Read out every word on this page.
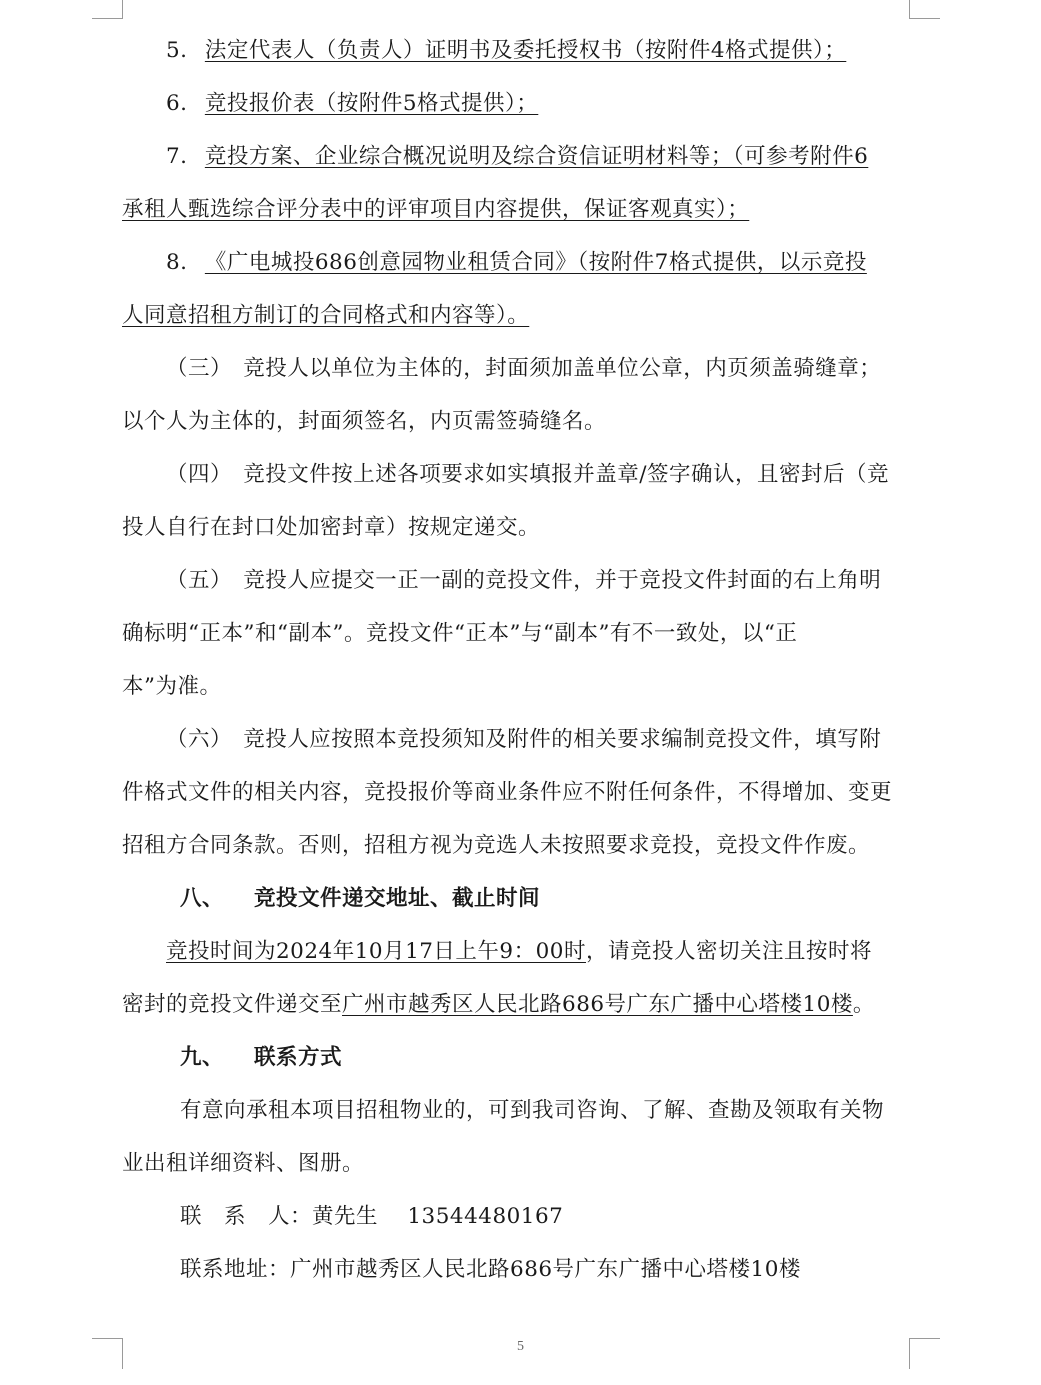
5. 法定代表人（负责人）证明书及委托授权书（按附件4格式提供）；
6. 竞投报价表（按附件5格式提供）；
7. 竞投方案、企业综合概况说明及综合资信证明材料等；（可参考附件6
承租人甄选综合评分表中的评审项目内容提供，保证客观真实）；
8. 《广电城投686创意园物业租赁合同》（按附件7格式提供，以示竞投
人同意招租方制订的合同格式和内容等）。
（三）　竞投人以单位为主体的，封面须加盖单位公章，内页须盖骑缝章；
以个人为主体的，封面须签名，内页需签骑缝名。
（四）　竞投文件按上述各项要求如实填报并盖章/签字确认，且密封后（竞
投人自行在封口处加密封章）按规定递交。
（五）　竞投人应提交一正一副的竞投文件，并于竞投文件封面的右上角明
确标明“正本”和“副本”。竞投文件“正本”与“副本”有不一致处，以“正
本”为准。
（六）　竞投人应按照本竞投须知及附件的相关要求编制竞投文件，填写附
件格式文件的相关内容，竞投报价等商业条件应不附任何条件，不得增加、变更
招租方合同条款。否则，招租方视为竞选人未按照要求竞投，竞投文件作废。
八、 竞投文件递交地址、截止时间
竞投时间为2024年10月17日上午9：00时，请竞投人密切关注且按时将
密封的竞投文件递交至广州市越秀区人民北路686号广东广播中心塔楼10楼。
九、 联系方式
有意向承租本项目招租物业的，可到我司咨询、了解、查勘及领取有关物
业出租详细资料、图册。
联　系　人：黄先生 13544480167
联系地址：广州市越秀区人民北路686号广东广播中心塔楼10楼
5
